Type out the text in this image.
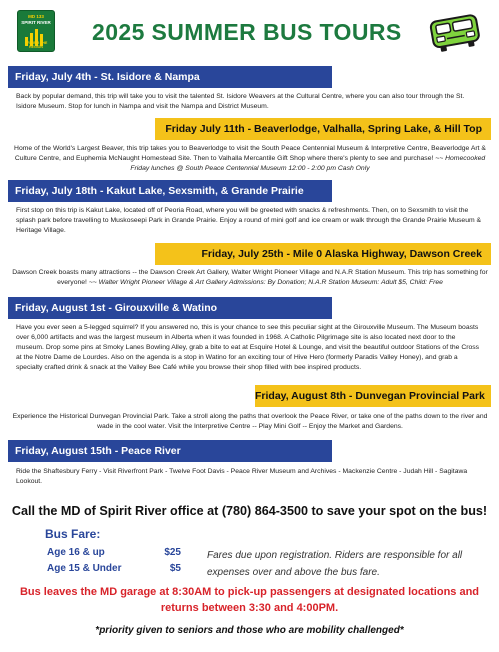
MD 133
SPIRIT RIVER
DRIVING THE REGION
2025 SUMMER BUS TOURS
Friday, July 4th - St. Isidore & Nampa
Back by popular demand, this trip will take you to visit the talented St. Isidore Weavers at the Cultural Centre, where you can also tour through the St. Isidore Museum. Stop for lunch in Nampa and visit the Nampa and District Museum.
Friday July 11th - Beaverlodge, Valhalla, Spring Lake, & Hill Top
Home of the World's Largest Beaver, this trip takes you to Beaverlodge to visit the South Peace Centennial Museum & Interpretive Centre, Beaverlodge Art & Culture Centre, and Euphemia McNaught Homestead Site. Then to Valhalla Mercantile Gift Shop where there's plenty to see and purchase! ~~ Homecooked Friday lunches @ South Peace Centennial Museum 12:00 - 2:00 pm Cash Only
Friday, July 18th - Kakut Lake, Sexsmith, & Grande Prairie
First stop on this trip is Kakut Lake, located off of Peoria Road, where you will be greeted with snacks & refreshments. Then, on to Sexsmith to visit the splash park before travelling to Muskoseepi Park in Grande Prairie. Enjoy a round of mini golf and ice cream or walk through the Grande Prairie Museum & Heritage Village.
Friday, July 25th - Mile 0 Alaska Highway, Dawson Creek
Dawson Creek boasts many attractions -- the Dawson Creek Art Gallery, Walter Wright Pioneer Village and N.A.R Station Museum. This trip has something for everyone! ~~ Walter Wright Pioneer Village & Art Gallery Admissions: By Donation; N.A.R Station Museum: Adult $5, Child: Free
Friday, August 1st - Girouxville & Watino
Have you ever seen a 5-legged squirrel? If you answered no, this is your chance to see this peculiar sight at the Girouxville Museum. The Museum boasts over 6,000 artifacts and was the largest museum in Alberta when it was founded in 1968. A Catholic Pilgrimage site is also located next door to the museum. Drop some pins at Smoky Lanes Bowling Alley, grab a bite to eat at Esquire Hotel & Lounge, and visit the beautiful outdoor Stations of the Cross at the Notre Dame de Lourdes. Also on the agenda is a stop in Watino for an exciting tour of Hive Hero (formerly Paradis Valley Honey), and grab a specialty crafted drink & snack at the Valley Bee Café while you browse their shop filled with bee inspired products.
Friday, August 8th - Dunvegan Provincial Park
Experience the Historical Dunvegan Provincial Park. Take a stroll along the paths that overlook the Peace River, or take one of the paths down to the river and wade in the cool water. Visit the Interpretive Centre -- Play Mini Golf -- Enjoy the Market and Gardens.
Friday, August 15th - Peace River
Ride the Shaftesbury Ferry - Visit Riverfront Park - Twelve Foot Davis - Peace River Museum and Archives - Mackenzie Centre - Judah Hill - Sagitawa Lookout.
Call the MD of Spirit River office at (780) 864-3500 to save your spot on the bus!
Bus Fare:
Age 16 & up	$25
Age 15 & Under	$5
Fares due upon registration. Riders are responsible for all expenses over and above the bus fare.
Bus leaves the MD garage at 8:30AM to pick-up passengers at designated locations and returns between 3:30 and 4:00PM.
*priority given to seniors and those who are mobility challenged*
